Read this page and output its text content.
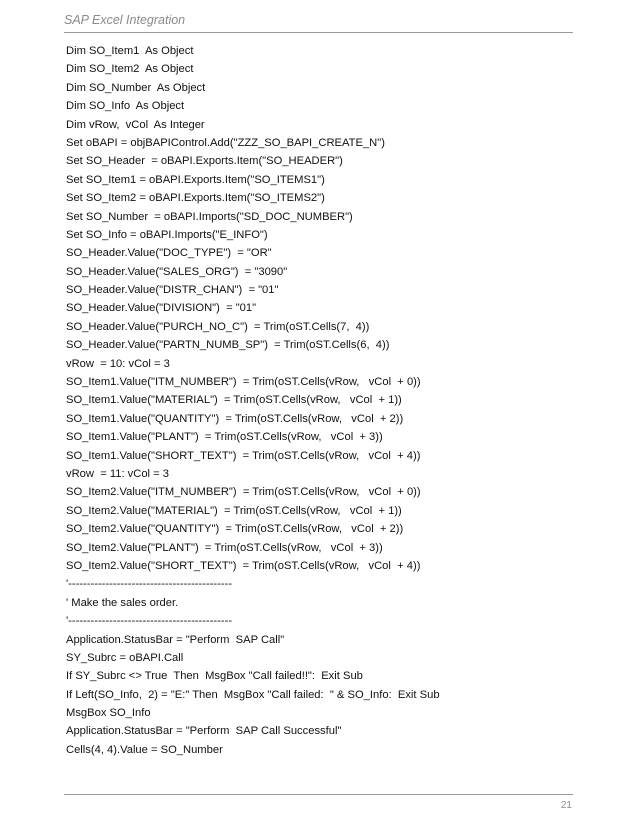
SAP Excel Integration
Dim SO_Item1  As Object
Dim SO_Item2  As Object
Dim SO_Number  As Object
Dim SO_Info  As Object
Dim vRow,  vCol  As Integer
Set oBAPI = objBAPIControl.Add("ZZZ_SO_BAPI_CREATE_N")
Set SO_Header  = oBAPI.Exports.Item("SO_HEADER")
Set SO_Item1 = oBAPI.Exports.Item("SO_ITEMS1")
Set SO_Item2 = oBAPI.Exports.Item("SO_ITEMS2")
Set SO_Number  = oBAPI.Imports("SD_DOC_NUMBER")
Set SO_Info = oBAPI.Imports("E_INFO")
SO_Header.Value("DOC_TYPE")  = "OR"
SO_Header.Value("SALES_ORG")  = "3090"
SO_Header.Value("DISTR_CHAN")  = "01"
SO_Header.Value("DIVISION")  = "01"
SO_Header.Value("PURCH_NO_C")  = Trim(oST.Cells(7,  4))
SO_Header.Value("PARTN_NUMB_SP")  = Trim(oST.Cells(6,  4))
vRow  = 10: vCol = 3
SO_Item1.Value("ITM_NUMBER")  = Trim(oST.Cells(vRow,   vCol  + 0))
SO_Item1.Value("MATERIAL")  = Trim(oST.Cells(vRow,   vCol  + 1))
SO_Item1.Value("QUANTITY")  = Trim(oST.Cells(vRow,   vCol  + 2))
SO_Item1.Value("PLANT")  = Trim(oST.Cells(vRow,   vCol  + 3))
SO_Item1.Value("SHORT_TEXT")  = Trim(oST.Cells(vRow,   vCol  + 4))
vRow  = 11: vCol = 3
SO_Item2.Value("ITM_NUMBER")  = Trim(oST.Cells(vRow,   vCol  + 0))
SO_Item2.Value("MATERIAL")  = Trim(oST.Cells(vRow,   vCol  + 1))
SO_Item2.Value("QUANTITY")  = Trim(oST.Cells(vRow,   vCol  + 2))
SO_Item2.Value("PLANT")  = Trim(oST.Cells(vRow,   vCol  + 3))
SO_Item2.Value("SHORT_TEXT")  = Trim(oST.Cells(vRow,   vCol  + 4))
'--------------------------------------------
' Make the sales order.
'--------------------------------------------
Application.StatusBar = "Perform  SAP Call"
SY_Subrc = oBAPI.Call
If SY_Subrc <> True  Then  MsgBox "Call failed!!":  Exit Sub
If Left(SO_Info,  2) = "E:" Then  MsgBox "Call failed:  " & SO_Info:  Exit Sub
MsgBox SO_Info
Application.StatusBar = "Perform  SAP Call Successful"
Cells(4, 4).Value = SO_Number
21
